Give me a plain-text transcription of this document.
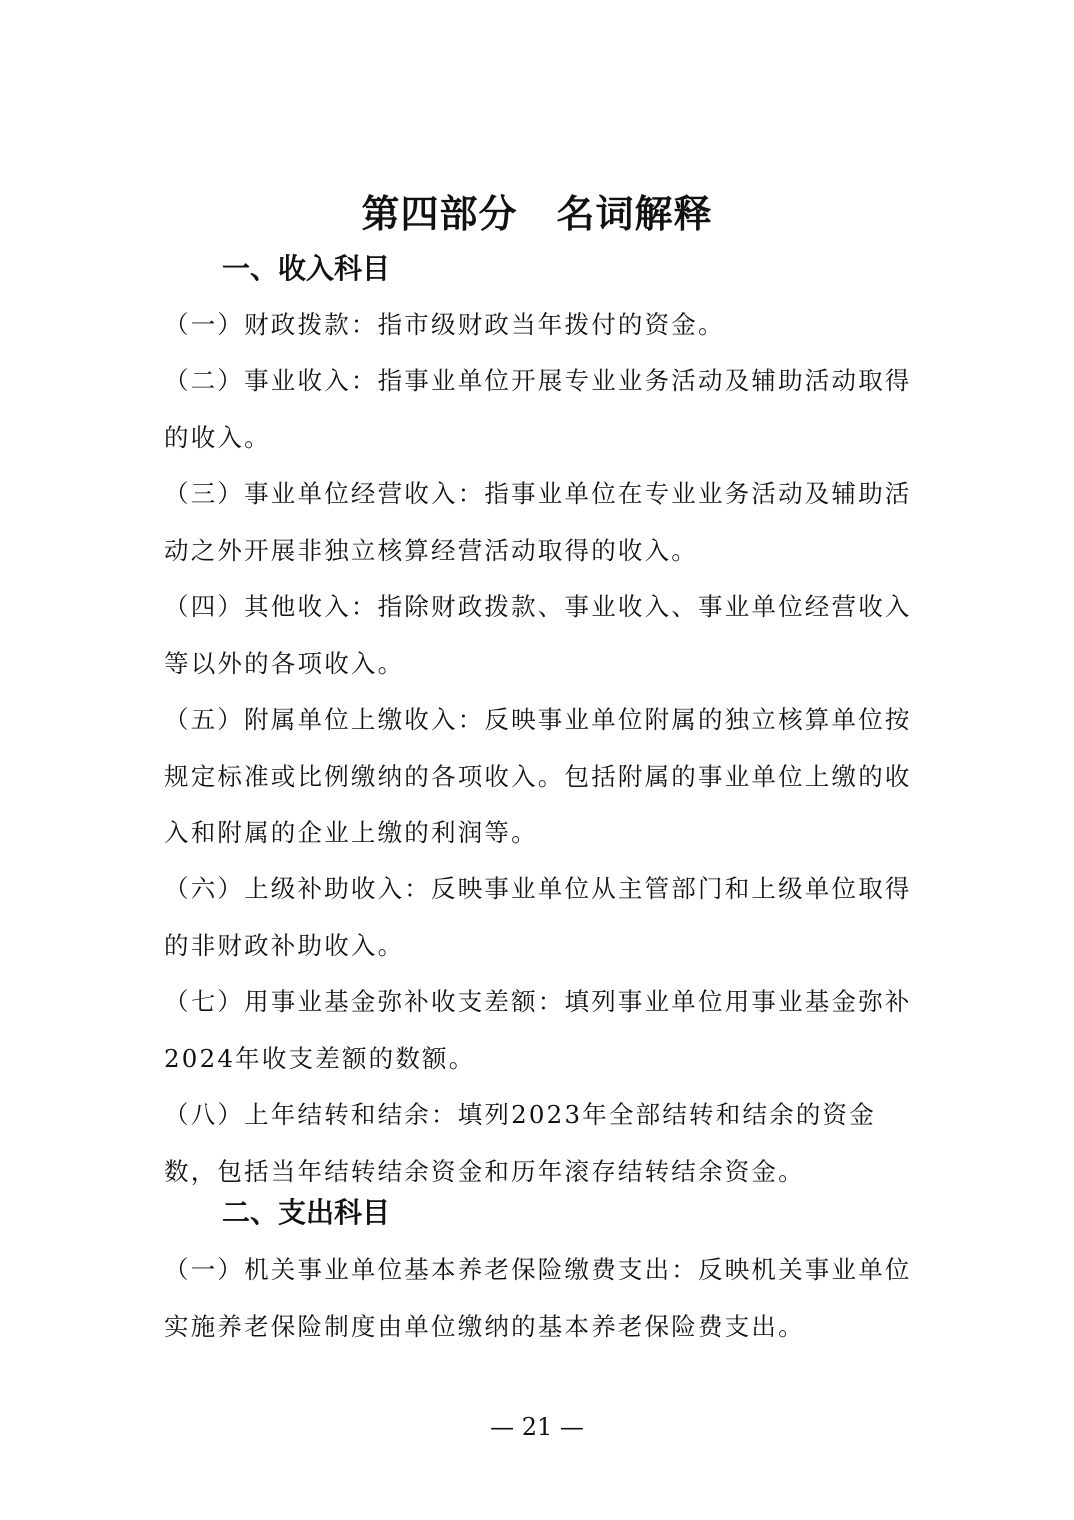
第四部分　名词解释
一、收入科目
（一）财政拨款：指市级财政当年拨付的资金。
（二）事业收入：指事业单位开展专业业务活动及辅助活动取得的收入。
（三）事业单位经营收入：指事业单位在专业业务活动及辅助活动之外开展非独立核算经营活动取得的收入。
（四）其他收入：指除财政拨款、事业收入、事业单位经营收入等以外的各项收入。
（五）附属单位上缴收入：反映事业单位附属的独立核算单位按规定标准或比例缴纳的各项收入。包括附属的事业单位上缴的收入和附属的企业上缴的利润等。
（六）上级补助收入：反映事业单位从主管部门和上级单位取得的非财政补助收入。
（七）用事业基金弥补收支差额：填列事业单位用事业基金弥补2024年收支差额的数额。
（八）上年结转和结余：填列2023年全部结转和结余的资金数，包括当年结转结余资金和历年滚存结转结余资金。
二、支出科目
（一）机关事业单位基本养老保险缴费支出：反映机关事业单位实施养老保险制度由单位缴纳的基本养老保险费支出。
— 21 —
